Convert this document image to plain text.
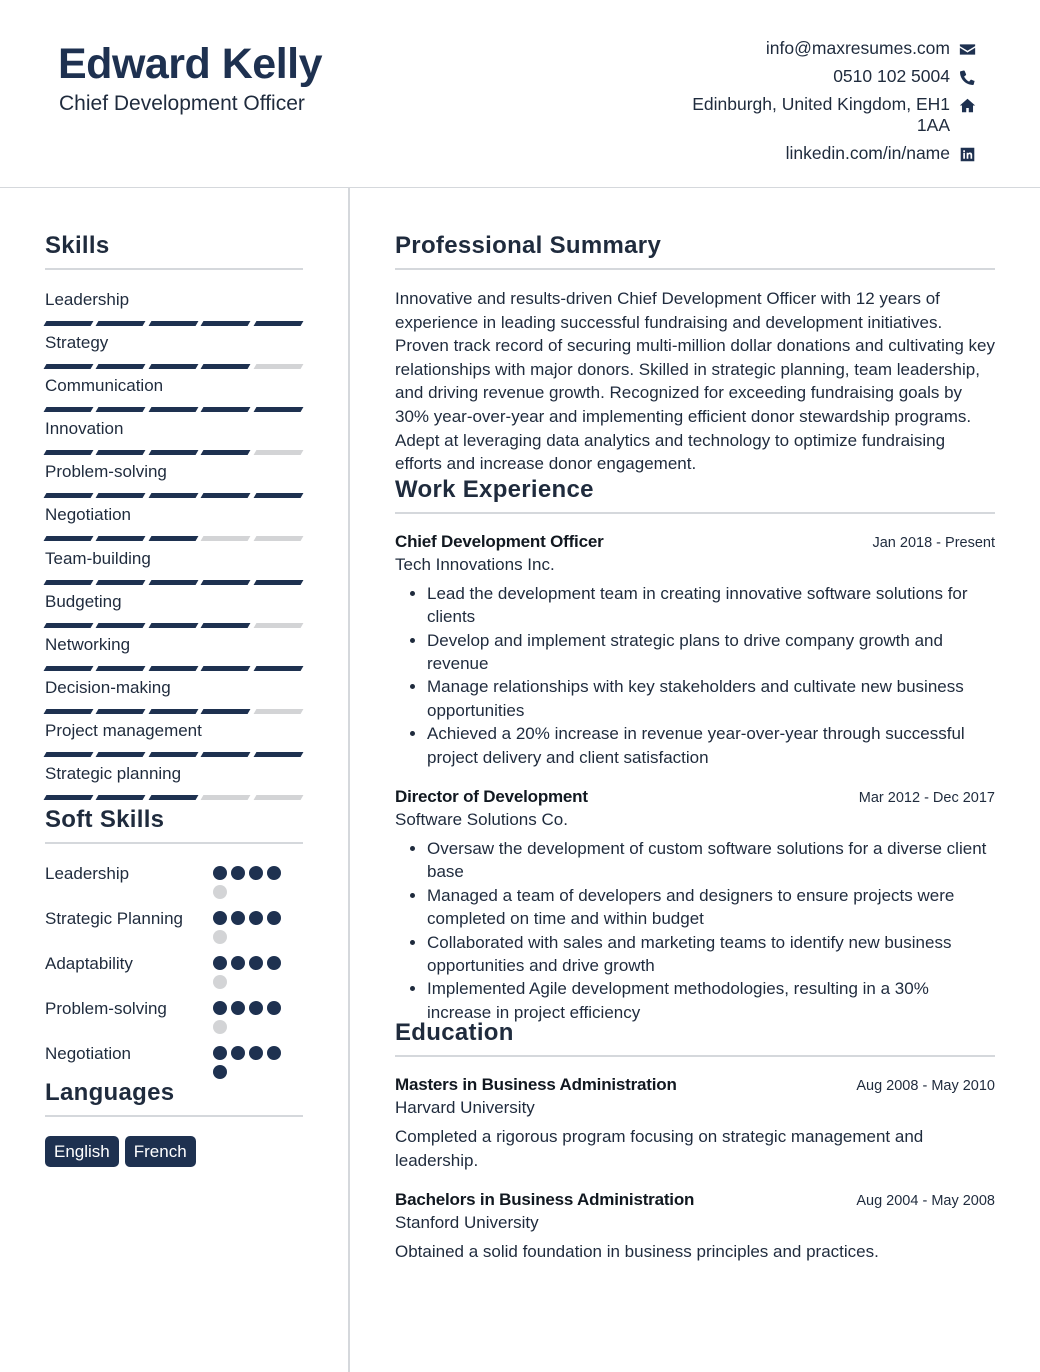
Edward Kelly
Chief Development Officer
info@maxresumes.com
0510 102 5004
Edinburgh, United Kingdom, EH1 1AA
linkedin.com/in/name
Skills
Leadership
Strategy
Communication
Innovation
Problem-solving
Negotiation
Team-building
Budgeting
Networking
Decision-making
Project management
Strategic planning
Soft Skills
Leadership
Strategic Planning
Adaptability
Problem-solving
Negotiation
Languages
English	French
Professional Summary
Innovative and results-driven Chief Development Officer with 12 years of experience in leading successful fundraising and development initiatives. Proven track record of securing multi-million dollar donations and cultivating key relationships with major donors. Skilled in strategic planning, team leadership, and driving revenue growth. Recognized for exceeding fundraising goals by 30% year-over-year and implementing efficient donor stewardship programs. Adept at leveraging data analytics and technology to optimize fundraising efforts and increase donor engagement.
Work Experience
Chief Development Officer	Jan 2018 - Present
Tech Innovations Inc.
• Lead the development team in creating innovative software solutions for clients
• Develop and implement strategic plans to drive company growth and revenue
• Manage relationships with key stakeholders and cultivate new business opportunities
• Achieved a 20% increase in revenue year-over-year through successful project delivery and client satisfaction
Director of Development	Mar 2012 - Dec 2017
Software Solutions Co.
• Oversaw the development of custom software solutions for a diverse client base
• Managed a team of developers and designers to ensure projects were completed on time and within budget
• Collaborated with sales and marketing teams to identify new business opportunities and drive growth
• Implemented Agile development methodologies, resulting in a 30% increase in project efficiency
Education
Masters in Business Administration	Aug 2008 - May 2010
Harvard University
Completed a rigorous program focusing on strategic management and leadership.
Bachelors in Business Administration	Aug 2004 - May 2008
Stanford University
Obtained a solid foundation in business principles and practices.
